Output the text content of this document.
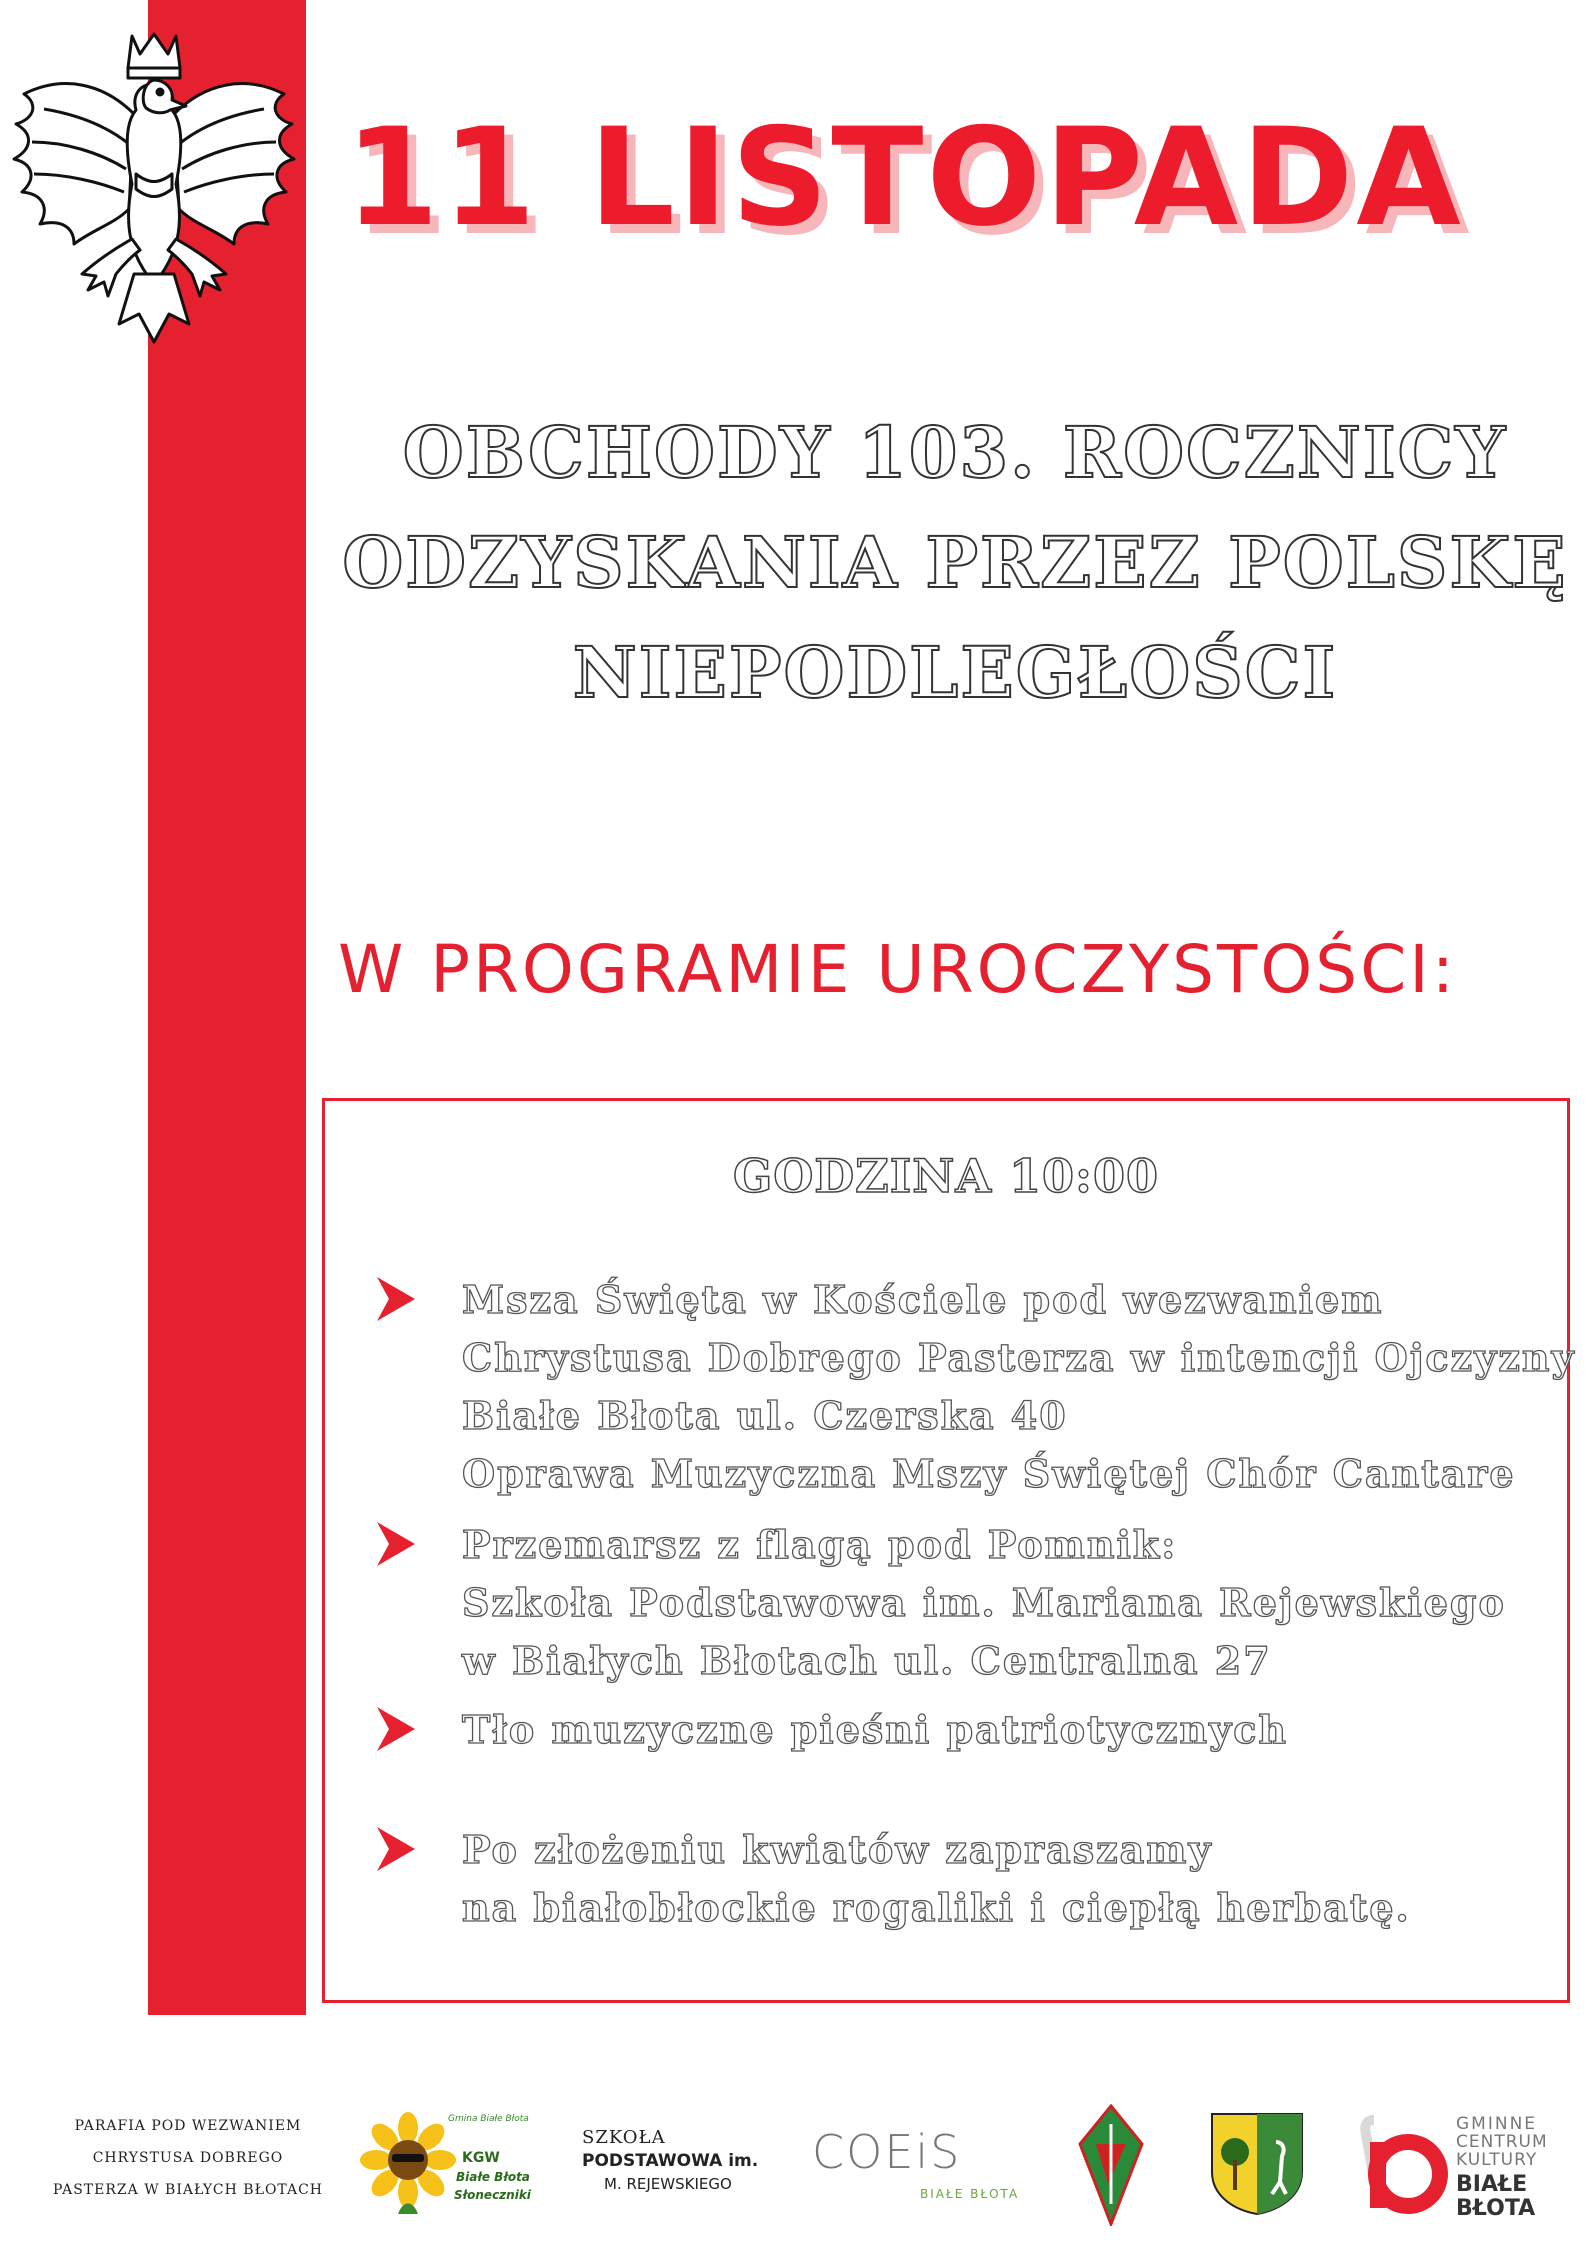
11 LISTOPADA
OBCHODY 103. ROCZNICY
ODZYSKANIA PRZEZ POLSKĘ
NIEPODLEGŁOŚCI
W PROGRAMIE UROCZYSTOŚCI:
GODZINA 10:00
Msza Święta w Kościele pod wezwaniem
Chrystusa Dobrego Pasterza w intencji Ojczyzny
Białe Błota ul. Czerska 40
Oprawa Muzyczna Mszy Świętej Chór Cantare
Przemarsz z flagą pod Pomnik:
Szkoła Podstawowa im. Mariana Rejewskiego
w Białych Błotach ul. Centralna 27
Tło muzyczne pieśni patriotycznych
Po złożeniu kwiatów zapraszamy
na białobłockie rogaliki i ciepłą herbatę.
PARAFIA POD WEZWANIEM
CHRYSTUSA DOBREGO
PASTERZA W BIAŁYCH BŁOTACH
Gmina Białe Błota
KGW
Białe Błota
Słoneczniki
SZKOŁA
PODSTAWOWA im.
M. REJEWSKIEGO
COEiS
BIAŁE BŁOTA
GMINNE
CENTRUM
KULTURY
BIAŁE
BŁOTA
